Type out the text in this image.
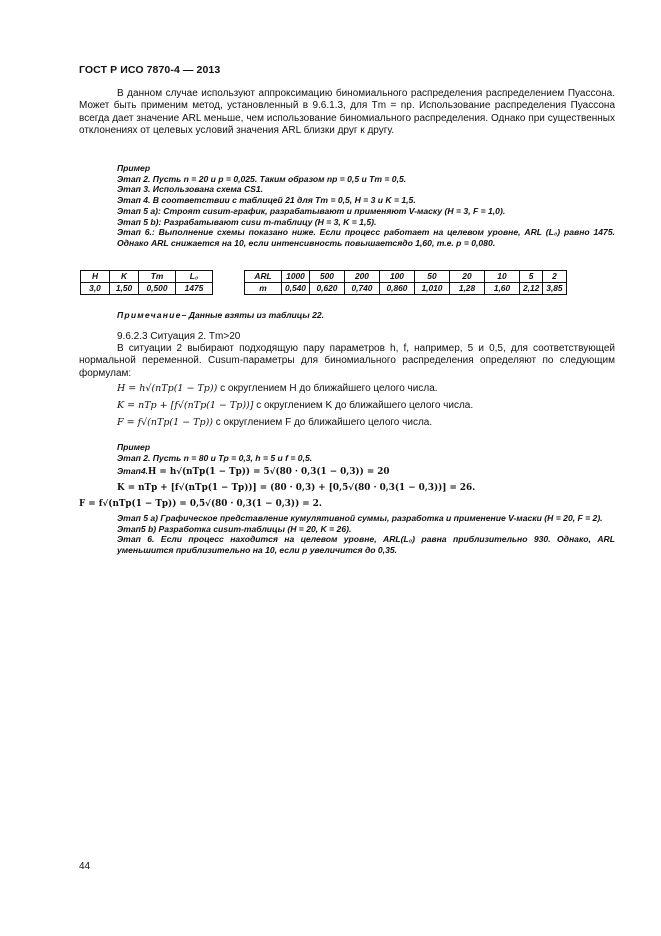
ГОСТ Р ИСО 7870-4 — 2013
В данном случае используют аппроксимацию биномиального распределения распределением Пуассона. Может быть применим метод, установленный в 9.6.1.3, для Tm = np. Использование распределения Пуассона всегда дает значение ARL меньше, чем использование биномиального распределения. Однако при существенных отклонениях от целевых условий значения ARL близки друг к другу.
Пример
Этап 2. Пусть n = 20 и p = 0,025. Таким образом np = 0,5 и Tm = 0,5.
Этап 3. Использована схема CS1.
Этап 4. В соответствии с таблицей 21 для Tm = 0,5, H = 3 и K = 1,5.
Этап 5 а): Строят cusum-график, разрабатывают и применяют V-маску (H = 3, F = 1,0).
Этап 5 b): Разрабатывают cusu m-таблицу (H = 3, K = 1,5).
Этап 6.: Выполнение схемы показано ниже. Если процесс работает на целевом уровне, ARL (L₀) равно 1475. Однако ARL снижается на 10, если интенсивность повышаетсядо 1,60, т.е. p = 0,080.
H	K	Tm	L₀
3,0	1,50	0,500	1475
ARL	1000	500	200	100	50	20	10	5	2
m	0,540	0,620	0,740	0,860	1,010	1,28	1,60	2,12	3,85
Примечание– Данные взяты из таблицы 22.
9.6.2.3 Ситуация 2. Tm>20
В ситуации 2 выбирают подходящую пару параметров h, f, например, 5 и 0,5, для соответствующей нормальной переменной. Cusum-параметры для биномиального распределения определяют по следующим формулам:
H = h√(nTp(1 − Tp)) с округлением H до ближайшего целого числа.
K = nTp + [f√(nTp(1 − Tp))] с округлением K до ближайшего целого числа.
F = f√(nTp(1 − Tp)) с округлением F до ближайшего целого числа.
Пример
Этап 2. Пусть n = 80 и Tp = 0,3, h = 5 и f = 0,5.
Этап4.H = h√(nTp(1 − Tp)) = 5√(80 · 0,3(1 − 0,3)) = 20
K = nTp + [f√(nTp(1 − Tp))] = (80 · 0,3) + [0,5√(80 · 0,3(1 − 0,3))] = 26.
F = f√(nTp(1 − Tp)) = 0,5√(80 · 0,3(1 − 0,3)) = 2.
Этап 5 а) Графическое представление кумулятивной суммы, разработка и применение V-маски (H = 20, F = 2).
Этап5 b) Разработка cusum-таблицы (H = 20, K = 26).
Этап 6. Если процесс находится на целевом уровне, ARL(L₀) равна приблизительно 930. Однако, ARL уменьшится приблизительно на 10, если p увеличится до 0,35.
44
